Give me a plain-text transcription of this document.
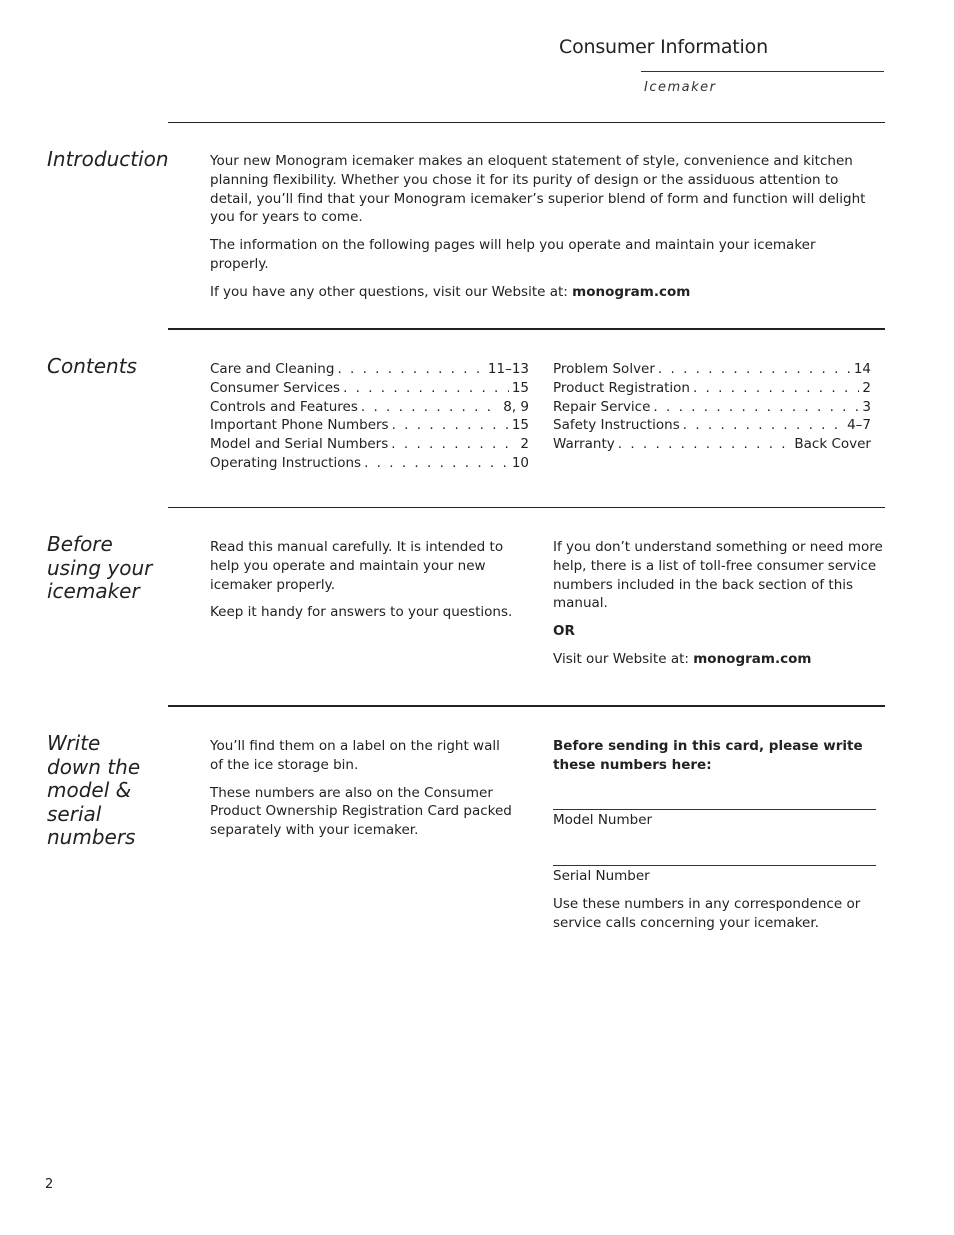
Consumer Information
Icemaker
Introduction	Your new Monogram icemaker makes an eloquent statement of style, convenience and kitchen planning flexibility. Whether you chose it for its purity of design or the assiduous attention to detail, you’ll find that your Monogram icemaker’s superior blend of form and function will delight you for years to come.

The information on the following pages will help you operate and maintain your icemaker properly.

If you have any other questions, visit our Website at: monogram.com

Contents	Care and Cleaning . . .	11–13
Consumer Services . . .	15
Controls and Features . . .	8, 9
Important Phone Numbers . . .	15
Model and Serial Numbers . . .	2
Operating Instructions . . .	10
Problem Solver . . .	14
Product Registration . . .	2
Repair Service . . .	3
Safety Instructions . . .	4–7
Warranty . . .	Back Cover
Before
using your
icemaker

Read this manual carefully. It is intended to help you operate and maintain your new icemaker properly.

Keep it handy for answers to your questions.

If you don’t understand something or need more help, there is a list of toll-free consumer service numbers included in the back section of this manual.

OR

Visit our Website at: monogram.com

Write
down the
model &
serial
numbers

You’ll find them on a label on the right wall of the ice storage bin.

These numbers are also on the Consumer Product Ownership Registration Card packed separately with your icemaker.

Before sending in this card, please write these numbers here:

Model Number

Serial Number

Use these numbers in any correspondence or service calls concerning your icemaker.

2
